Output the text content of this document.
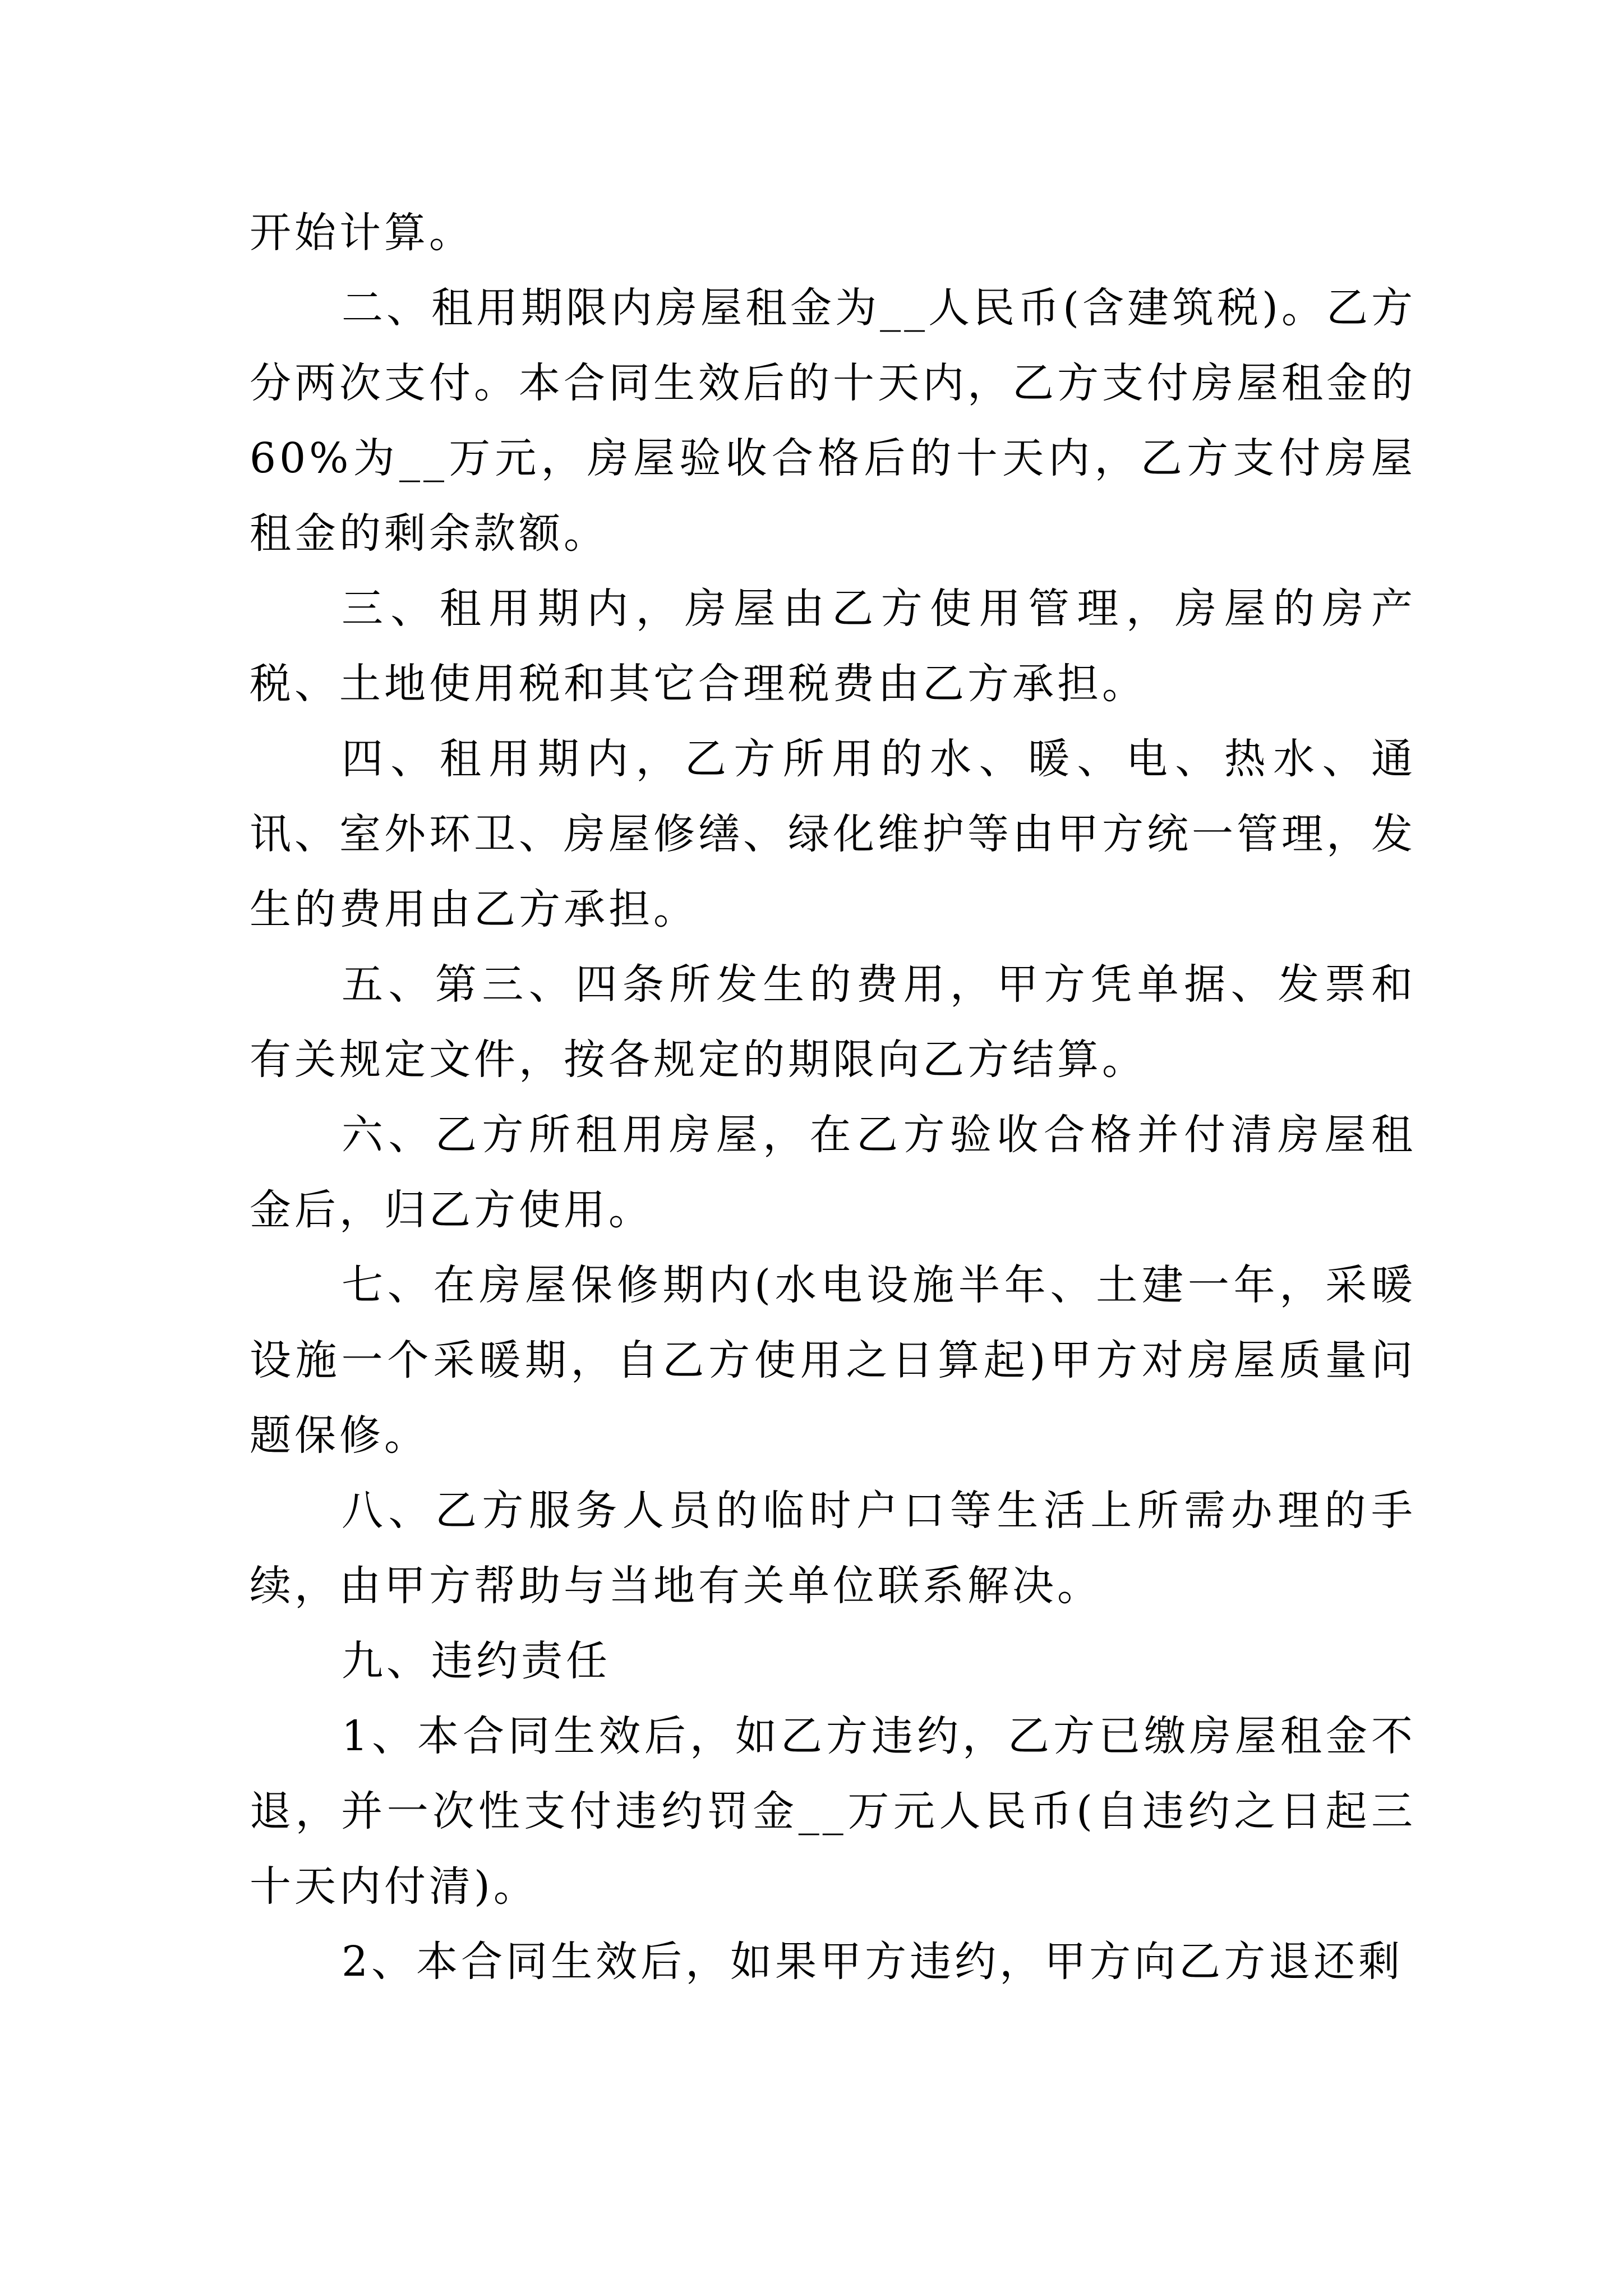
开始计算。

二、租用期限内房屋租金为__人民币(含建筑税)。乙方分两次支付。本合同生效后的十天内，乙方支付房屋租金的60%为__万元，房屋验收合格后的十天内，乙方支付房屋租金的剩余款额。

三、租用期内，房屋由乙方使用管理，房屋的房产税、土地使用税和其它合理税费由乙方承担。

四、租用期内，乙方所用的水、暖、电、热水、通讯、室外环卫、房屋修缮、绿化维护等由甲方统一管理，发生的费用由乙方承担。

五、第三、四条所发生的费用，甲方凭单据、发票和有关规定文件，按各规定的期限向乙方结算。

六、乙方所租用房屋，在乙方验收合格并付清房屋租金后，归乙方使用。

七、在房屋保修期内(水电设施半年、土建一年，采暖设施一个采暖期，自乙方使用之日算起)甲方对房屋质量问题保修。

八、乙方服务人员的临时户口等生活上所需办理的手续，由甲方帮助与当地有关单位联系解决。

九、违约责任

1、本合同生效后，如乙方违约，乙方已缴房屋租金不退，并一次性支付违约罚金__万元人民币(自违约之日起三十天内付清)。

2、本合同生效后，如果甲方违约，甲方向乙方退还剩
